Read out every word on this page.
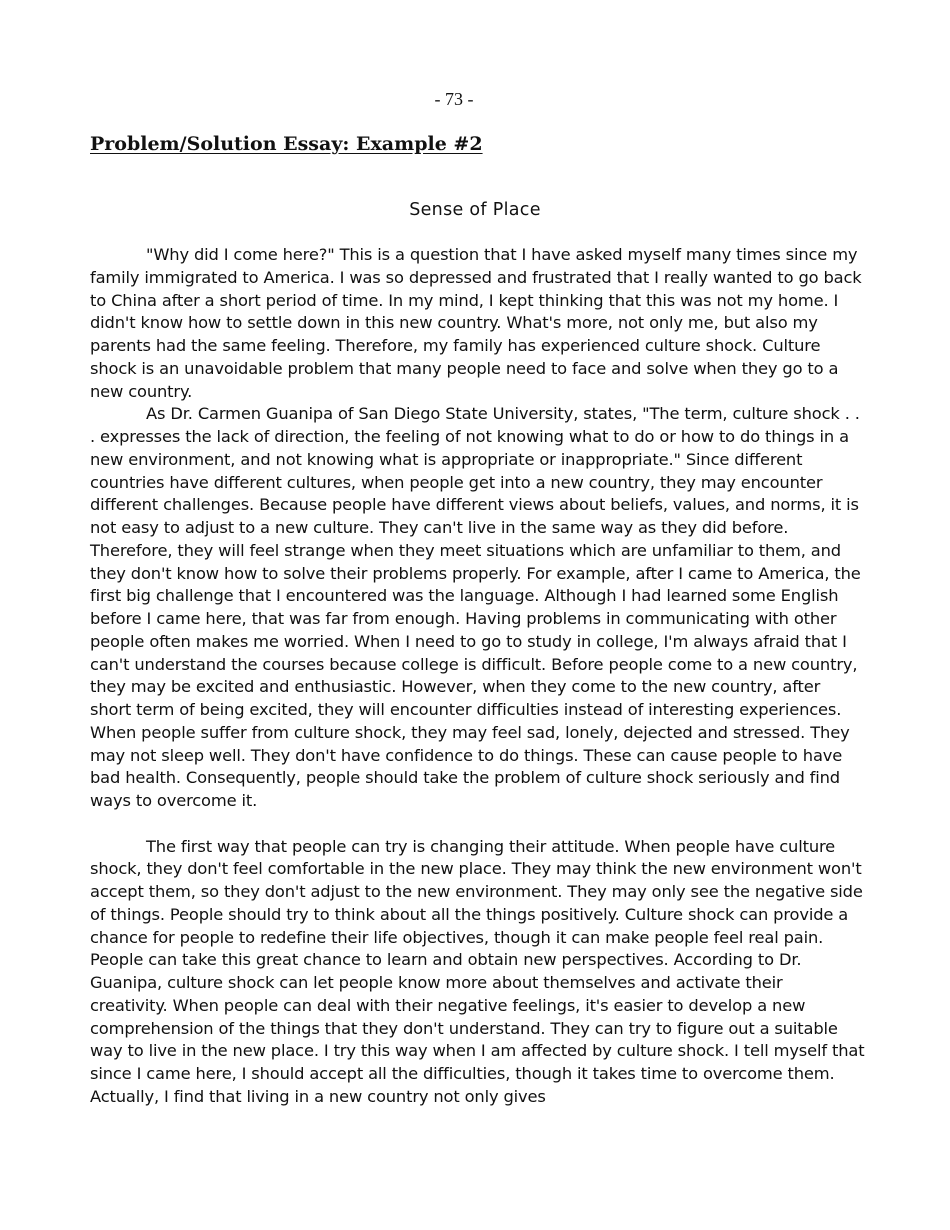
- 73 -
Problem/Solution Essay: Example #2
Sense of Place

"Why did I come here?" This is a question that I have asked myself many times since my family immigrated to America. I was so depressed and frustrated that I really wanted to go back to China after a short period of time. In my mind, I kept thinking that this was not my home. I didn't know how to settle down in this new country. What's more, not only me, but also my parents had the same feeling. Therefore, my family has experienced culture shock. Culture shock is an unavoidable problem that many people need to face and solve when they go to a new country.

As Dr. Carmen Guanipa of San Diego State University, states, "The term, culture shock . . . expresses the lack of direction, the feeling of not knowing what to do or how to do things in a new environment, and not knowing what is appropriate or inappropriate." Since different countries have different cultures, when people get into a new country, they may encounter different challenges. Because people have different views about beliefs, values, and norms, it is not easy to adjust to a new culture. They can't live in the same way as they did before. Therefore, they will feel strange when they meet situations which are unfamiliar to them, and they don't know how to solve their problems properly. For example, after I came to America, the first big challenge that I encountered was the language. Although I had learned some English before I came here, that was far from enough. Having problems in communicating with other people often makes me worried. When I need to go to study in college, I'm always afraid that I can't understand the courses because college is difficult. Before people come to a new country, they may be excited and enthusiastic. However, when they come to the new country, after short term of being excited, they will encounter difficulties instead of interesting experiences. When people suffer from culture shock, they may feel sad, lonely, dejected and stressed. They may not sleep well. They don't have confidence to do things. These can cause people to have bad health. Consequently, people should take the problem of culture shock seriously and find ways to overcome it.

The first way that people can try is changing their attitude. When people have culture shock, they don't feel comfortable in the new place. They may think the new environment won't accept them, so they don't adjust to the new environment. They may only see the negative side of things. People should try to think about all the things positively. Culture shock can provide a chance for people to redefine their life objectives, though it can make people feel real pain. People can take this great chance to learn and obtain new perspectives. According to Dr. Guanipa, culture shock can let people know more about themselves and activate their creativity. When people can deal with their negative feelings, it's easier to develop a new comprehension of the things that they don't understand. They can try to figure out a suitable way to live in the new place. I try this way when I am affected by culture shock. I tell myself that since I came here, I should accept all the difficulties, though it takes time to overcome them. Actually, I find that living in a new country not only gives
